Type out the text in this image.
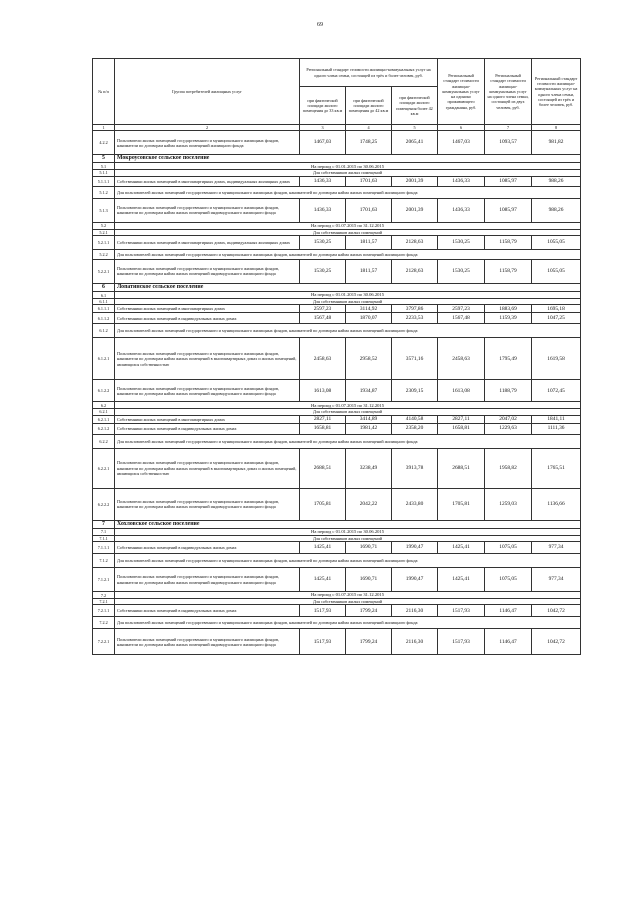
69
№ п/п	Группа потребителей жилищных услуг	Региональный стандарт стоимости жилищно-коммунальных услуг на одного члена семьи, состоящей из трёх и более человек, руб.			Региональный стандарт стоимости жилищно-коммунальных услуг на одиноко проживающего гражданина, руб.	Региональный стандарт стоимости жилищно-коммунальных услуг на одного члена семьи, состоящей из двух человек, руб.	Региональный стандарт стоимости жилищно-коммунальных услуг на одного члена семьи, состоящей из трёх и более человек, руб.
		при фактической площади жилого помещения до 33 кв.м	при фактической площади жилого помещения до 42 кв.м	при фактической площади жилого помещения более 42 кв.м			
1	2	3	4	5	6	7	8
4.2.2	Пользователи жилых помещений государственного и муниципального жилищных фондов, наниматели по договорам найма жилых помещений жилищного фонда	1467,03	1748,25	2065,41	1467,03	1093,57	981,82
5	Мокроусовское сельское поселение						
5.1	На период с 01.01.2015 по 30.06.2015						
5.1.1	Для собственников жилых помещений						
5.1.1.1	Собственники жилых помещений в многоквартирных домах, индивидуальных жилищных домах	1436,33	1701,63	2001,39	1436,33	1085,97	988,26
5.1.2	Для пользователей жилых помещений государственного и муниципального жилищных фондов, нанимателей по договорам найма жилых помещений жилищного фонда						
5.1.3	Пользователи жилых помещений государственного и муниципального жилищных фондов, наниматели по договорам найма жилых помещений индивидуального жилищного фонда	1436,33	1701,63	2001,39	1436,33	1085,97	988,26
5.2	На период с 01.07.2015 по 31.12.2015						
5.2.1	Для собственников жилых помещений						
5.2.1.1	Собственники жилых помещений в многоквартирных домах, индивидуальных жилищных домах	1530,25	1811,57	2128,63	1530,25	1158,79	1055,05
5.2.2	Для пользователей жилых помещений государственного и муниципального жилищных фондов, нанимателей по договорам найма жилых помещений жилищного фонда						
5.2.2.1	Пользователи жилых помещений государственного и муниципального жилищных фондов, наниматели по договорам найма жилых помещений индивидуального жилищного фонда	1530,25	1811,57	2128,63	1530,25	1158,79	1055,05
6	Лопатинское сельское поселение						
6.1	На период с 01.01.2015 по 30.06.2015						
6.1.1	Для собственников жилых помещений						
6.1.1.1	Собственники жилых помещений в многоквартирных домах	2597,23	3114,92	3797,86	2597,23	1883,69	1695,18
6.1.1.2	Собственники жилых помещений в индивидуальных жилых домах	1567,48	1870,07	2233,53	1567,48	1159,39	1047,25
6.1.2	Для пользователей жилых помещений государственного и муниципального жилищных фондов, нанимателей по договорам найма жилых помещений жилищного фонда						
6.1.2.1	Пользователи жилых помещений государственного и муниципального жилищных фондов, наниматели по договорам найма жилых помещений в многоквартирных домах и жилых помещений, являющихся собственностью	2458,63	2958,52	3571,16	2458,63	1795,49	1619,58
6.1.2.2	Пользователи жилых помещений государственного и муниципального жилищных фондов, наниматели по договорам найма жилых помещений индивидуального жилищного фонда	1613,08	1934,87	2309,15	1613,08	1188,79	1072,45
6.2	На период с 01.07.2015 по 31.12.2015						
6.2.1	Для собственников жилых помещений						
6.2.1.1	Собственники жилых помещений в многоквартирных домах	2827,11	3414,89	4140,58	2827,11	2047,02	1841,11
6.2.1.2	Собственники жилых помещений в индивидуальных жилых домах	1658,81	1981,42	2358,20	1658,81	1229,63	1111,36
6.2.2	Для пользователей жилых помещений государственного и муниципального жилищных фондов, нанимателей по договорам найма жилых помещений жилищного фонда						
6.2.2.1	Пользователи жилых помещений государственного и муниципального жилищных фондов, наниматели по договорам найма жилых помещений в многоквартирных домах и жилых помещений, являющихся собственностью	2688,51	3238,49	3913,78	2688,51	1958,82	1765,51
6.2.2.2	Пользователи жилых помещений государственного и муниципального жилищных фондов, наниматели по договорам найма жилых помещений индивидуального жилищного фонда	1705,81	2042,22	2433,80	1705,81	1259,03	1136,66
7	Хохловское сельское поселение						
7.1	На период с 01.01.2015 по 30.06.2015						
7.1.1	Для собственников жилых помещений						
7.1.1.1	Собственники жилых помещений в индивидуальных жилых домах	1425,41	1690,71	1990,47	1425,41	1075,05	977,34
7.1.2	Для пользователей жилых помещений государственного и муниципального жилищных фондов, нанимателей по договорам найма жилых помещений жилищного фонда						
7.1.2.1	Пользователи жилых помещений государственного и муниципального жилищных фондов, наниматели по договорам найма жилых помещений индивидуального жилищного фонда	1425,41	1690,71	1990,47	1425,41	1075,05	977,34
7.2	На период с 01.07.2015 по 31.12.2015						
7.2.1	Для собственников жилых помещений						
7.2.1.1	Собственники жилых помещений в индивидуальных жилых домах	1517,93	1799,24	2116,30	1517,93	1146,47	1042,72
7.2.2	Для пользователей жилых помещений государственного и муниципального жилищных фондов, нанимателей по договорам найма жилых помещений жилищного фонда						
7.2.2.1	Пользователи жилых помещений государственного и муниципального жилищных фондов, наниматели по договорам найма жилых помещений индивидуального жилищного фонда	1517,93	1799,24	2116,30	1517,93	1146,47	1042,72
